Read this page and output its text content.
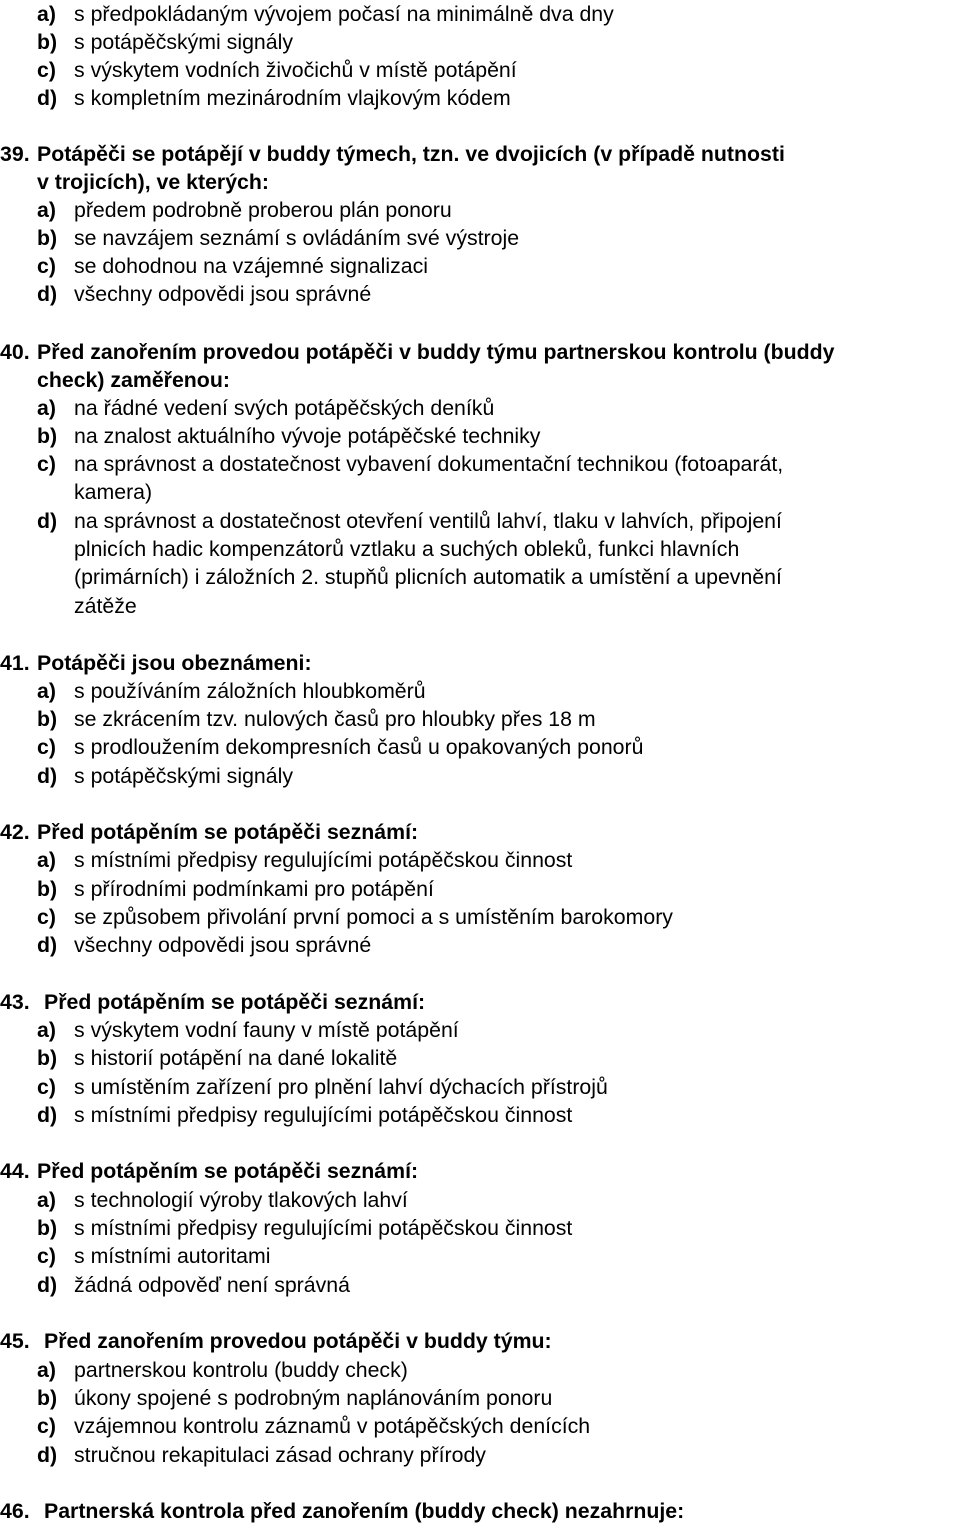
a) s předpokládaným vývojem počasí na minimálně dva dny
b) s potápěčskými signály
c) s výskytem vodních živočichů v místě potápění
d) s kompletním mezinárodním vlajkovým kódem
39. Potápěči se potápějí v buddy týmech, tzn. ve dvojicích (v případě nutnosti
v trojicích), ve kterých:
a) předem podrobně proberou plán ponoru
b) se navzájem seznámí s ovládáním své výstroje
c) se dohodnou na vzájemné signalizaci
d) všechny odpovědi jsou správné
40. Před zanořením provedou potápěči v buddy týmu partnerskou kontrolu (buddy
check) zaměřenou:
a) na řádné vedení svých potápěčských deníků
b) na znalost aktuálního vývoje potápěčské techniky
c) na správnost a dostatečnost vybavení dokumentační technikou (fotoaparát,
kamera)
d) na správnost a dostatečnost otevření ventilů lahví, tlaku v lahvích, připojení
plnicích hadic kompenzátorů vztlaku a suchých obleků, funkci hlavních
(primárních) i záložních 2. stupňů plicních automatik a umístění a upevnění
zátěže
41. Potápěči jsou obeznámeni:
a) s používáním záložních hloubkoměrů
b) se zkrácením tzv. nulových časů pro hloubky přes 18 m
c) s prodloužením dekompresních časů u opakovaných ponorů
d) s potápěčskými signály
42. Před potápěním se potápěči seznámí:
a) s místními předpisy regulujícími potápěčskou činnost
b) s přírodními podmínkami pro potápění
c) se způsobem přivolání první pomoci a s umístěním barokomory
d) všechny odpovědi jsou správné
43. Před potápěním se potápěči seznámí:
a) s výskytem vodní fauny v místě potápění
b) s historií potápění na dané lokalitě
c) s umístěním zařízení pro plnění lahví dýchacích přístrojů
d) s místními předpisy regulujícími potápěčskou činnost
44. Před potápěním se potápěči seznámí:
a) s technologií výroby tlakových lahví
b) s místními předpisy regulujícími potápěčskou činnost
c) s místními autoritami
d) žádná odpověď není správná
45. Před zanořením provedou potápěči v buddy týmu:
a) partnerskou kontrolu (buddy check)
b) úkony spojené s podrobným naplánováním ponoru
c) vzájemnou kontrolu záznamů v potápěčských denících
d) stručnou rekapitulaci zásad ochrany přírody
46. Partnerská kontrola před zanořením (buddy check) nezahrnuje:
